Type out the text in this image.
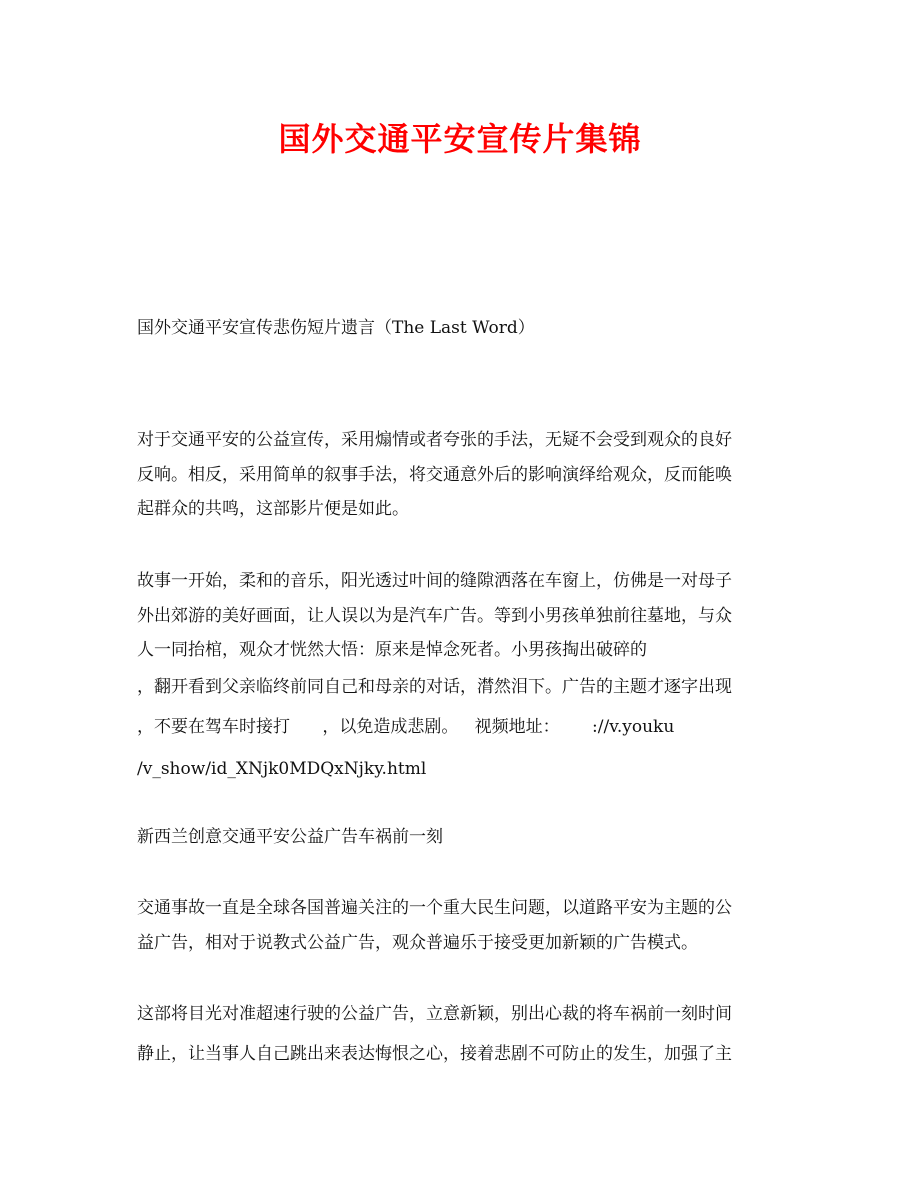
国外交通平安宣传片集锦

国外交通平安宣传悲伤短片遗言（The Last Word）

对于交通平安的公益宣传，采用煽情或者夸张的手法，无疑不会受到观众的良好

反响。相反，采用简单的叙事手法，将交通意外后的影响演绎给观众，反而能唤

起群众的共鸣，这部影片便是如此。

故事一开始，柔和的音乐，阳光透过叶间的缝隙洒落在车窗上，仿佛是一对母子

外出郊游的美好画面，让人误以为是汽车广告。等到小男孩单独前往墓地，与众

人一同抬棺，观众才恍然大悟：原来是悼念死者。小男孩掏出破碎的

，翻开看到父亲临终前同自己和母亲的对话，潸然泪下。广告的主题才逐字出现

，不要在驾车时接打      ，以免造成悲剧。   视频地址：      ://v.youku

/v_show/id_XNjk0MDQxNjky.html

新西兰创意交通平安公益广告车祸前一刻

交通事故一直是全球各国普遍关注的一个重大民生问题，以道路平安为主题的公

益广告，相对于说教式公益广告，观众普遍乐于接受更加新颖的广告模式。

这部将目光对准超速行驶的公益广告，立意新颖，别出心裁的将车祸前一刻时间

静止，让当事人自己跳出来表达悔恨之心，接着悲剧不可防止的发生，加强了主
